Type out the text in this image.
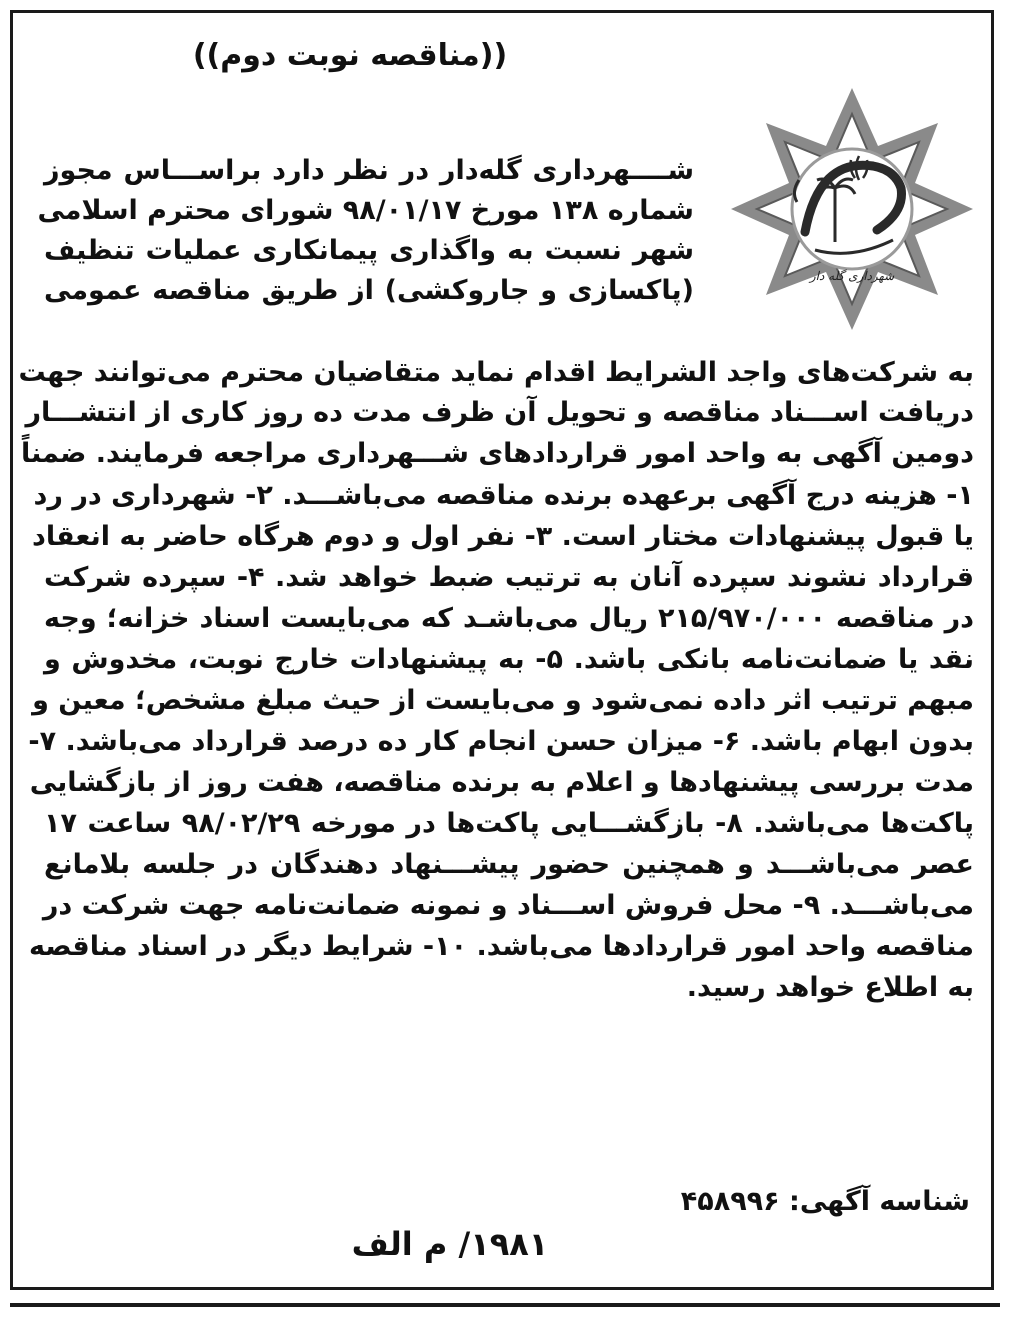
((مناقصه نوبت دوم))
شهرداری گله دار
شــــهرداری گله‌دار در نظر دارد براســـاس مجوز
شماره ۱۳۸ مورخ ۹۸/۰۱/۱۷ شورای محترم اسلامی
شهر نسبت به واگذاری پیمانکاری عملیات تنظیف
(پاکسازی و جاروکشی) از طریق مناقصه عمومی
به شرکت‌های واجد الشرایط اقدام نماید متقاضیان محترم می‌توانند جهت
دریافت اســـناد مناقصه و تحویل آن ظرف مدت ده روز کاری از انتشـــار
دومین آگهی به واحد امور قراردادهای شـــهرداری مراجعه فرمایند. ضمناً
۱- هزینه درج آگهی برعهده برنده مناقصه می‌باشـــد. ۲- شهرداری در رد
یا قبول پیشنهادات مختار است. ۳- نفر اول و دوم هرگاه حاضر به انعقاد
قرارداد نشوند سپرده آنان به ترتیب ضبط خواهد شد. ۴- سپرده شرکت
در مناقصه ۲۱۵/۹۷۰/۰۰۰ ریال می‌باشـد که می‌بایست اسناد خزانه؛ وجه
نقد یا ضمانت‌نامه بانکی باشد. ۵- به پیشنهادات خارج نوبت، مخدوش و
مبهم ترتیب اثر داده نمی‌شود و می‌بایست از حیث مبلغ مشخص؛ معین و
بدون ابهام باشد. ۶- میزان حسن انجام کار ده درصد قرارداد می‌باشد. ۷-
مدت بررسی پیشنهادها و اعلام به برنده مناقصه، هفت روز از بازگشایی
پاکت‌ها می‌باشد. ۸- بازگشـــایی پاکت‌ها در مورخه ۹۸/۰۲/۲۹ ساعت ۱۷
عصر می‌باشـــد و همچنین حضور پیشـــنهاد دهندگان در جلسه بلامانع
می‌باشـــد. ۹- محل فروش اســـناد و نمونه ضمانت‌نامه جهت شرکت در
مناقصه واحد امور قراردادها می‌باشد. ۱۰- شرایط دیگر در اسناد مناقصه
به اطلاع خواهد رسید.
شناسه آگهی: ۴۵۸۹۹۶
۱۹۸۱/ م الف
